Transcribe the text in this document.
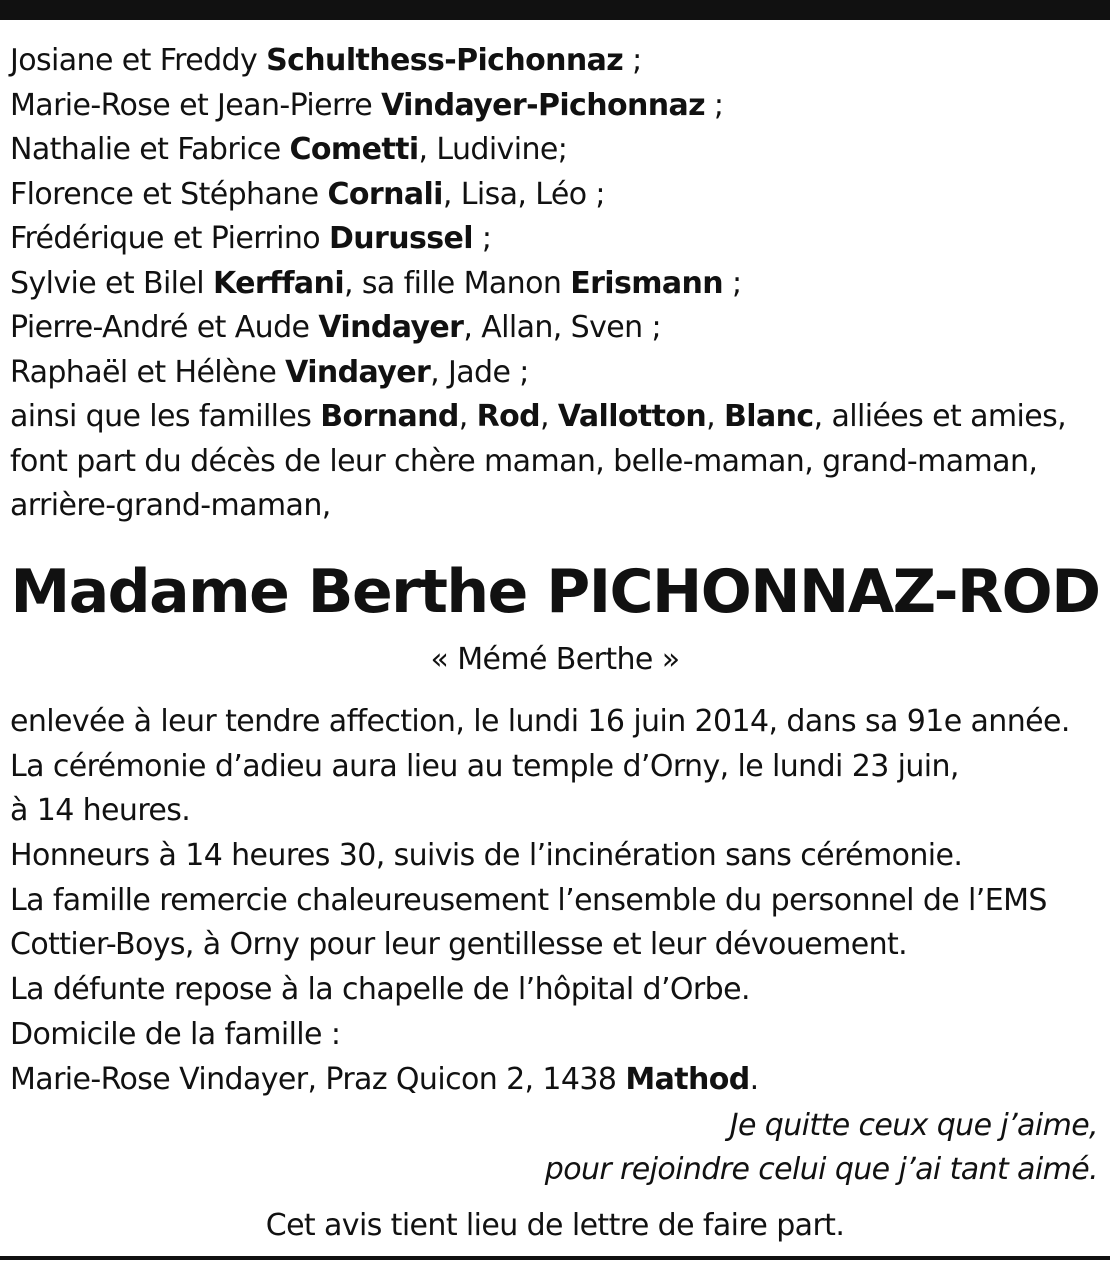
Josiane et Freddy Schulthess-Pichonnaz ;
Marie-Rose et Jean-Pierre Vindayer-Pichonnaz ;
Nathalie et Fabrice Cometti, Ludivine;
Florence et Stéphane Cornali, Lisa, Léo ;
Frédérique et Pierrino Durussel ;
Sylvie et Bilel Kerffani, sa fille Manon Erismann ;
Pierre-André et Aude Vindayer, Allan, Sven ;
Raphaël et Hélène Vindayer, Jade ;
ainsi que les familles Bornand, Rod, Vallotton, Blanc, alliées et amies,
font part du décès de leur chère maman, belle-maman, grand-maman,
arrière-grand-maman,
Madame Berthe PICHONNAZ-ROD
« Mémé Berthe »
enlevée à leur tendre affection, le lundi 16 juin 2014, dans sa 91e année.
La cérémonie d’adieu aura lieu au temple d’Orny, le lundi 23 juin,
à 14 heures.
Honneurs à 14 heures 30, suivis de l’incinération sans cérémonie.
La famille remercie chaleureusement l’ensemble du personnel de l’EMS
Cottier-Boys, à Orny pour leur gentillesse et leur dévouement.
La défunte repose à la chapelle de l’hôpital d’Orbe.
Domicile de la famille :
Marie-Rose Vindayer, Praz Quicon 2, 1438 Mathod.
Je quitte ceux que j’aime,
pour rejoindre celui que j’ai tant aimé.
Cet avis tient lieu de lettre de faire part.
